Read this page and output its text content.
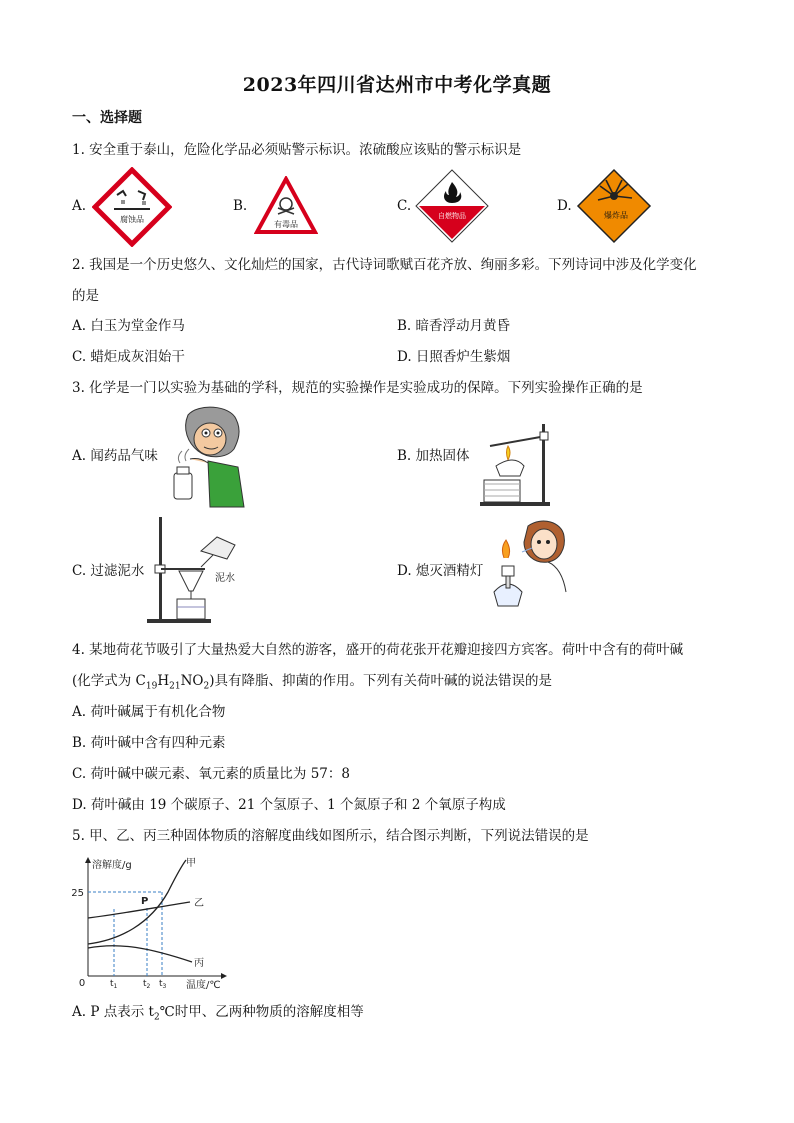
2023年四川省达州市中考化学真题
一、选择题
1. 安全重于泰山，危险化学品必须贴警示标识。浓硫酸应该贴的警示标识是
A.
腐蚀品
B.
有毒品
C.
自燃物品
D.
爆炸品
2. 我国是一个历史悠久、文化灿烂的国家，古代诗词歌赋百花齐放、绚丽多彩。下列诗词中涉及化学变化
的是
A. 白玉为堂金作马	B. 暗香浮动月黄昏
C. 蜡炬成灰泪始干	D. 日照香炉生紫烟
3. 化学是一门以实验为基础的学科，规范的实验操作是实验成功的保障。下列实验操作正确的是
A. 闻药品气味	B. 加热固体
C. 过滤泥水	泥水	D. 熄灭酒精灯
4. 某地荷花节吸引了大量热爱大自然的游客，盛开的荷花张开花瓣迎接四方宾客。荷叶中含有的荷叶碱
(化学式为 $C_{19}H_{21}NO_2$)具有降脂、抑菌的作用。下列有关荷叶碱的说法错误的是
A. 荷叶碱属于有机化合物
B. 荷叶碱中含有四种元素
C. 荷叶碱中碳元素、氧元素的质量比为 57：8
D. 荷叶碱由 19 个碳原子、21 个氢原子、1 个氮原子和 2 个氧原子构成
5. 甲、乙、丙三种固体物质的溶解度曲线如图所示，结合图示判断，下列说法错误的是
溶解度/g
温度/℃
0
25
甲
乙
丙
P
$t_1$	$t_2$ $t_3$
A. P 点表示 $t_2℃$时甲、乙两种物质的溶解度相等
